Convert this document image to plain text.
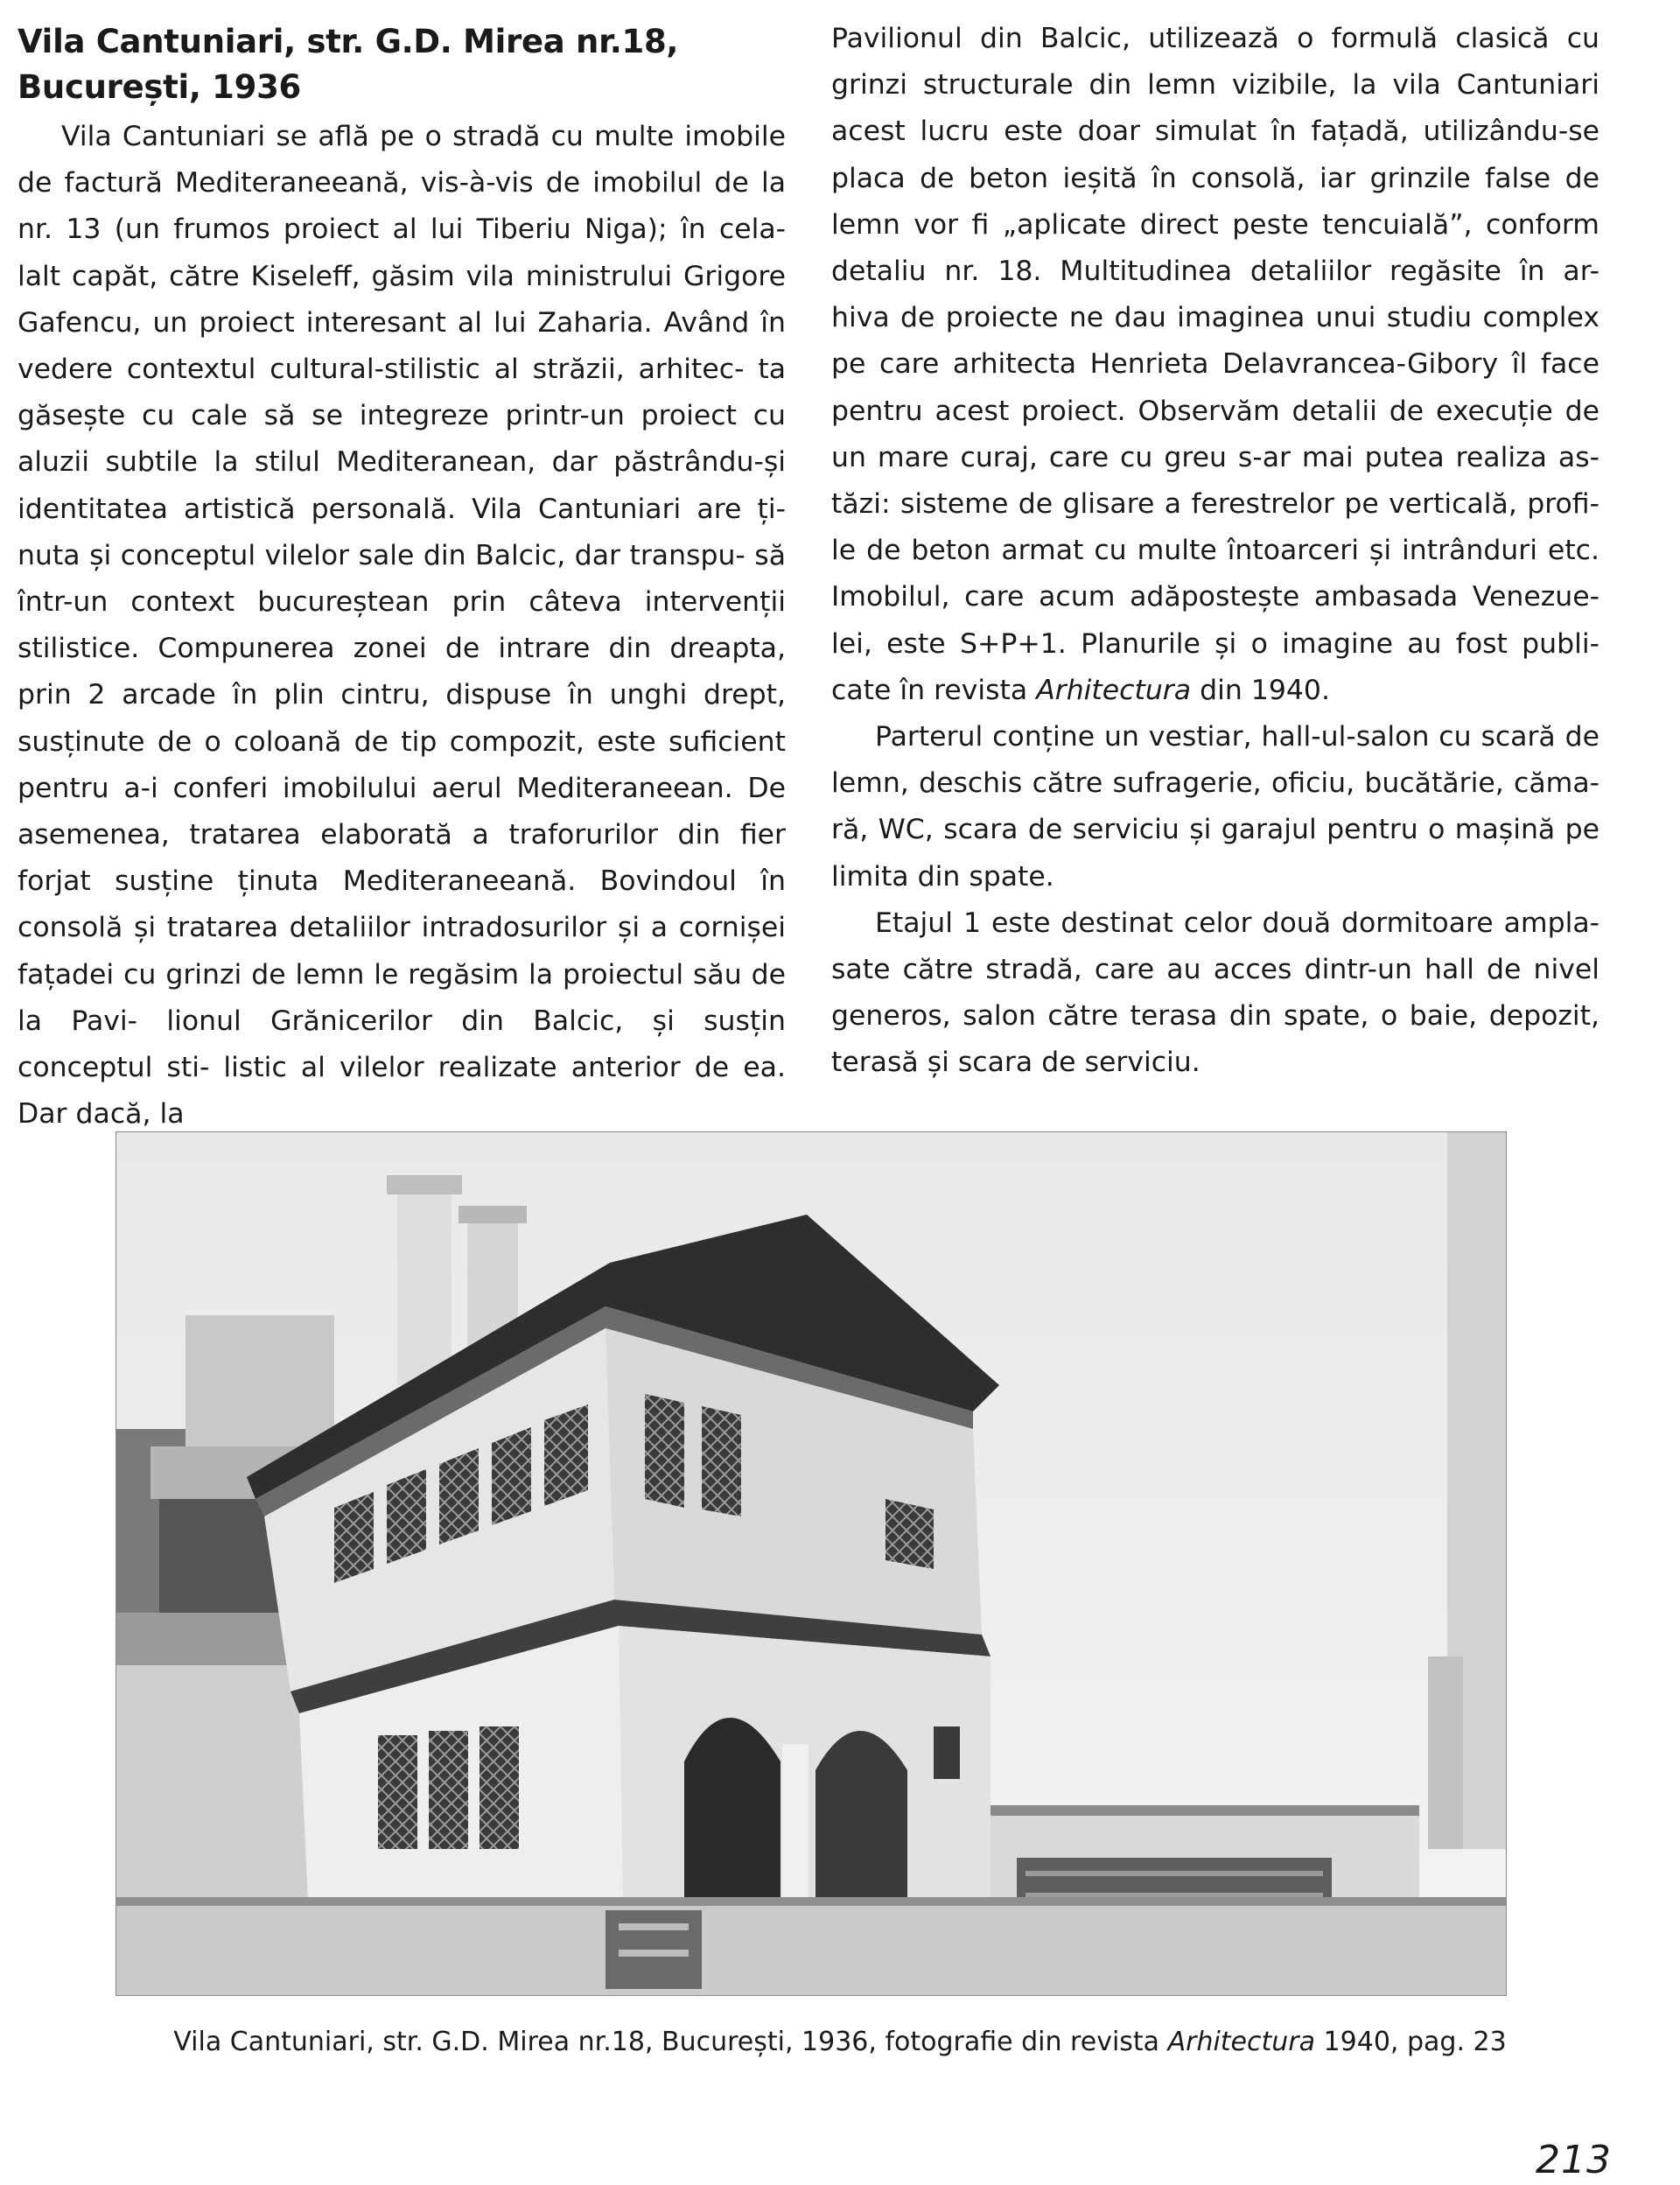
Vila Cantuniari, str. G.D. Mirea nr.18,
București, 1936

Vila Cantuniari se află pe o stradă cu multe imobile de factură Mediteraneeană, vis-à-vis de imobilul de la nr. 13 (un frumos proiect al lui Tiberiu Niga); în cela- lalt capăt, către Kiseleff, găsim vila ministrului Grigore Gafencu, un proiect interesant al lui Zaharia. Având în vedere contextul cultural-stilistic al străzii, arhitec- ta găsește cu cale să se integreze printr-un proiect cu aluzii subtile la stilul Mediteranean, dar păstrându-și identitatea artistică personală. Vila Cantuniari are ți- nuta și conceptul vilelor sale din Balcic, dar transpu- să într-un context bucureștean prin câteva intervenții stilistice. Compunerea zonei de intrare din dreapta, prin 2 arcade în plin cintru, dispuse în unghi drept, susținute de o coloană de tip compozit, este suficient pentru a-i conferi imobilului aerul Mediteraneean. De asemenea, tratarea elaborată a traforurilor din fier forjat susține ținuta Mediteraneeană. Bovindoul în consolă și tratarea detaliilor intradosurilor și a cornișei fațadei cu grinzi de lemn le regăsim la proiectul său de la Pavi- lionul Grănicerilor din Balcic, și susțin conceptul sti- listic al vilelor realizate anterior de ea. Dar dacă, la

Pavilionul din Balcic, utilizează o formulă clasică cu grinzi structurale din lemn vizibile, la vila Cantuniari acest lucru este doar simulat în fațadă, utilizându-se placa de beton ieșită în consolă, iar grinzile false de lemn vor fi „aplicate direct peste tencuială”, conform detaliu nr. 18. Multitudinea detaliilor regăsite în ar- hiva de proiecte ne dau imaginea unui studiu complex pe care arhitecta Henrieta Delavrancea-Gibory îl face pentru acest proiect. Observăm detalii de execuție de un mare curaj, care cu greu s-ar mai putea realiza as- tăzi: sisteme de glisare a ferestrelor pe verticală, profi- le de beton armat cu multe întoarceri și intrânduri etc. Imobilul, care acum adăpostește ambasada Venezue- lei, este S+P+1. Planurile și o imagine au fost publi- cate în revista Arhitectura din 1940.

Parterul conține un vestiar, hall-ul-salon cu scară de lemn, deschis către sufragerie, oficiu, bucătărie, căma- ră, WC, scara de serviciu și garajul pentru o mașină pe limita din spate.

Etajul 1 este destinat celor două dormitoare ampla- sate către stradă, care au acces dintr-un hall de nivel generos, salon către terasa din spate, o baie, depozit, terasă și scara de serviciu.

Vila Cantuniari, str. G.D. Mirea nr.18, București, 1936, fotografie din revista Arhitectura 1940, pag. 23
213
